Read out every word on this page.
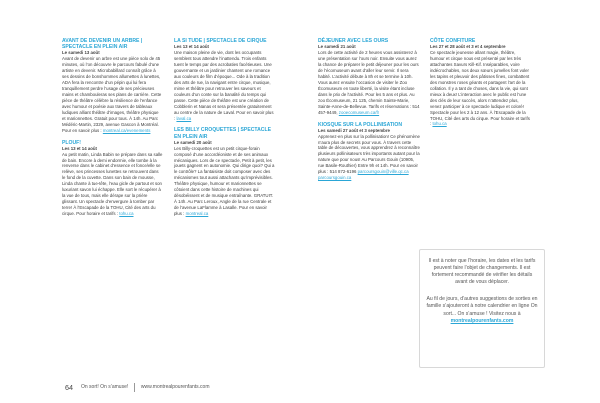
AVANT DE DEVENIR UN ARBRE | SPECTACLE EN PLEIN AIR
Le samedi 13 août

Avant de devenir un arbre est une pièce solo de 45 minutes, où l’on découvre le parcours fabulé d’une artiste en devenir. Microbabillard connaît grâce à ses dessins de bonshommes allumettes à lunettes, ADA fera la rencontre d’un pépin qui lui fera tranquillement perdre l’usage de ses précieuses mains et chambouleras ses plans de carrière. Cette pièce de théâtre célèbre la résilience de l’enfance avec humour et poésie aux travers de tableaux ludiques alliant théâtre d’images, théâtre physique et marionnettes. Gratuit pour tous. À 14h. Au Parc Médéric-Martin, 2329, avenue Gascon à Montréal. Pour en savoir plus : montreal.ca/evenements

PLOUF!
Les 13 et 14 août

Au petit matin, Linda Babin se prépare dans sa salle de bain. Encore à demi endormie, elle tombe à la renverse dans le cabinet d’essence et fonce/elle se relève, ses princesses lunettes se retrouvent dans le fond de la cuvette. Dans son bain de mousse, Linda chante à tue-tête, l’eau gicle de partout et son luxuriant savon lui échappe. Elle sort le récupérer à la vue de tous, mais elle dérape sur la prière glissant. Un spectacle d’envergure à tomber par terre! À l’Escapade de la TOHU, Cité des arts du cirque. Pour horaire et tarifs : tohu.ca

LA SI TUDE | SPECTACLE DE CIRQUE
Les 13 et 14 août

Une maison pleine de vie, dont les occupants semblent tous attendre l’inattendu. Trois enfants tuent le temps par des acrobaties facétieuses. Une gouvernante et un jardinier chantent une romance aux couleurs de film d’époque... Ode à la tradition des arts de rue, la navigant entre cirque, musique, mime et théâtre pour retrouver les saveurs et couleurs d’un conte sur la banalité du temps qui passe. Cette pièce de théâtre est une création de Cobblerin et Nanas et sera présentée gratuitement au centre de la nature de Laval. Pour en savoir plus : laval.ca

LES BILLY CROQUETTES | SPECTACLE EN PLEIN AIR
Le samedi 20 août

Les Billy-croquettes est un petit cirque-forain composé d’une accordéoniste et de ses animaux mécaniques. Lors de ce spectacle, Petit à petit, les jouets gagnent en autonomie. Qui dirige quoi? Qui a le contrôle? La fantaisiste doit composer avec des mécanismes tout aussi attachants qu’imprévisibles. Théâtre physique, humour et marionnettes se côtoient dans cette histoire de machines qui désobéissent et de musique entraînante. GRATUIT. À 14h. Au Parc Leroux, Angle de la rue Centrale et de l’avenue LaFlamme à Lasalle. Pour en savoir plus : montreal.ca

DÉJEUNER AVEC LES OURS
Le samedi 21 août

Lors de cette activité de 2 heures vous assisterez à une présentation sur l’ours noir. Ensuite vous aurez la chance de préparer le petit déjeuner pour les ours de l’écomuseum avant d’aller leur servir. Il sera habité. L’activité débute à 8h et se termine à 10h. Vous aurez ensuite l’occasion de visiter le Zoo Écomuseum en toute liberté, la visite étant incluse dans le prix de l’activité. Pour les 5 ans et plus. Au zoo Écomuseum, 21 125, chemin Sainte-Marie, Sainte-Anne-de-Bellevue. Tarifs et réservations : 514 457-9449, zooecomuseum.ca/fr

KIOSQUE SUR LA POLLINISATION
Les samedi 27 août et 3 septembre

Apprenez-en plus sur la pollinisation! Ce phénomène n’aura plus de secrets pour vous. À travers cette table de découvertes, vous apprendrez à reconnaître plusieurs pollinisateurs très importants autant pour la nature que pour nous! Au Parcours Gouin (10905, rue Basile-Routhier) Entre 9h et 14h. Pour en savoir plus : 514 872-6196 parcoursgouin@ville.qc.ca parcoursgouin.ca

CÔTE CONFITURE
Les 27 et 28 août et 3 et 4 septembre

Ce spectacle jeunesse allant magie, théâtre, humour et cirque nous est présenté par les très attachantes Savurs Kill-Kif. Inséparables, voire indécrochables, nos deux sœurs jumelles font voler les tapins et pleuvoir des pâtisses fines, combattent des monstres roses géants et partagent l’art de la collation. Il y a tant de choses, dans la vie, qui sont mieux à deux! L’interaction avec le public est l’une des clés de leur succès, alors n’attendez plus, venez participer à ce spectacle ludique et coloré! Spectacle pour les 2 à 12 ans. À l’Escapade de la TOHU, Cité des arts du cirque. Pour horaire et tarifs : tohu.ca

Il est à noter que l’horaire, les dates et les tarifs peuvent faire l’objet de changements. Il est fortement recommandé de vérifier les détails avant de vous déplacer.

Au fil de jours, d’autres suggestions de sorties en famille s’ajouteront à notre calendrier en ligne On sort... On s’amuse ! Visitez nous à montrealpourenfants.com

64 On sort! On s’amuse!	www.montrealpourenfants.com
